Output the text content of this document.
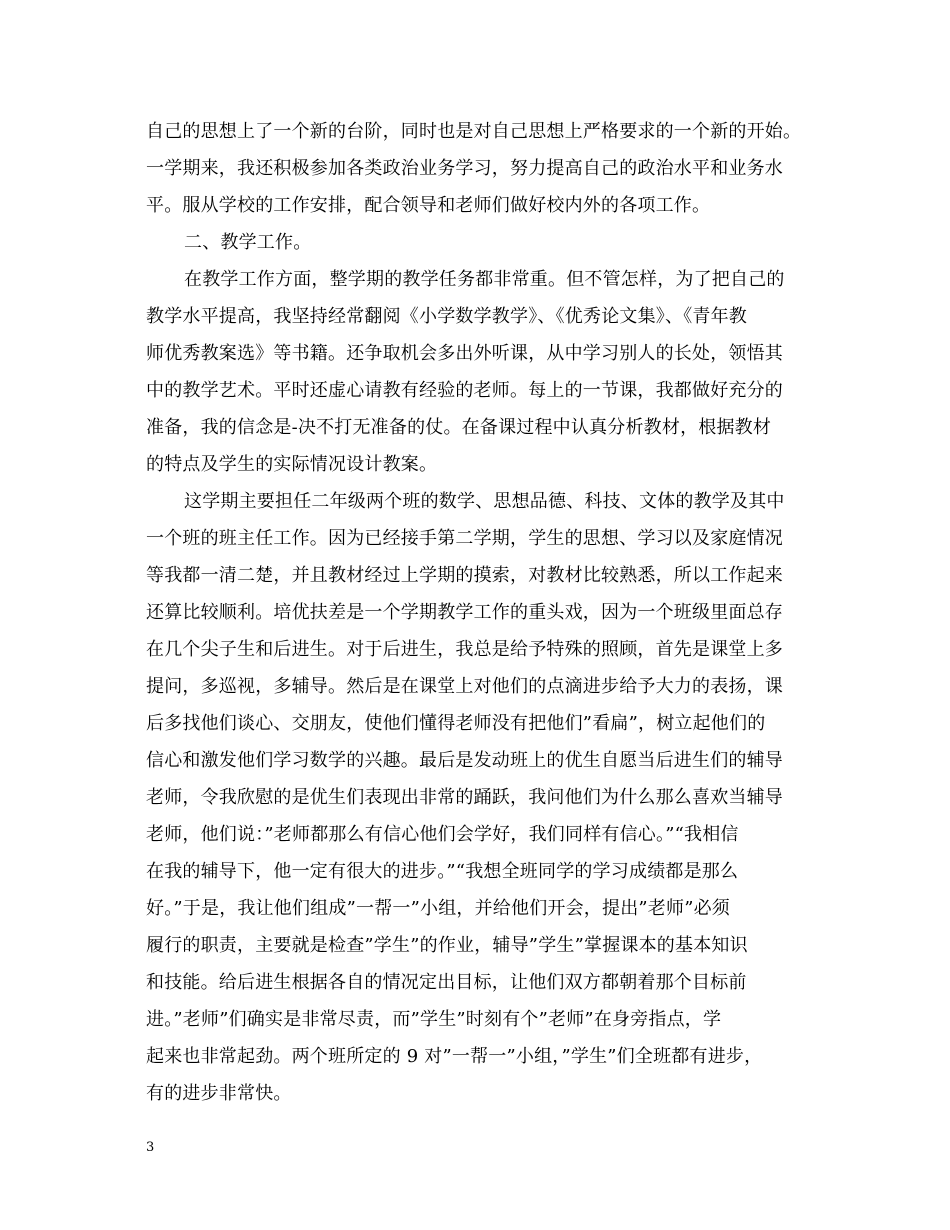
自己的思想上了一个新的台阶，同时也是对自己思想上严格要求的一个新的开始。
一学期来，我还积极参加各类政治业务学习，努力提高自己的政治水平和业务水
平。服从学校的工作安排，配合领导和老师们做好校内外的各项工作。
二、教学工作。
在教学工作方面，整学期的教学任务都非常重。但不管怎样，为了把自己的
教学水平提高，我坚持经常翻阅《小学数学教学》、《优秀论文集》、《青年教
师优秀教案选》等书籍。还争取机会多出外听课，从中学习别人的长处，领悟其
中的教学艺术。平时还虚心请教有经验的老师。每上的一节课，我都做好充分的
准备，我的信念是-决不打无准备的仗。在备课过程中认真分析教材，根据教材
的特点及学生的实际情况设计教案。
这学期主要担任二年级两个班的数学、思想品德、科技、文体的教学及其中
一个班的班主任工作。因为已经接手第二学期，学生的思想、学习以及家庭情况
等我都一清二楚，并且教材经过上学期的摸索，对教材比较熟悉，所以工作起来
还算比较顺利。培优扶差是一个学期教学工作的重头戏，因为一个班级里面总存
在几个尖子生和后进生。对于后进生，我总是给予特殊的照顾，首先是课堂上多
提问，多巡视，多辅导。然后是在课堂上对他们的点滴进步给予大力的表扬，课
后多找他们谈心、交朋友，使他们懂得老师没有把他们”看扁”，树立起他们的
信心和激发他们学习数学的兴趣。最后是发动班上的优生自愿当后进生们的辅导
老师，令我欣慰的是优生们表现出非常的踊跃，我问他们为什么那么喜欢当辅导
老师，他们说：”老师都那么有信心他们会学好，我们同样有信心。”“我相信
在我的辅导下，他一定有很大的进步。”“我想全班同学的学习成绩都是那么
好。”于是，我让他们组成”一帮一”小组，并给他们开会，提出”老师”必须
履行的职责，主要就是检查”学生”的作业，辅导”学生”掌握课本的基本知识
和技能。给后进生根据各自的情况定出目标，让他们双方都朝着那个目标前
进。”老师”们确实是非常尽责，而”学生”时刻有个”老师”在身旁指点，学
起来也非常起劲。两个班所定的 9 对”一帮一”小组，”学生”们全班都有进步，
有的进步非常快。
3
